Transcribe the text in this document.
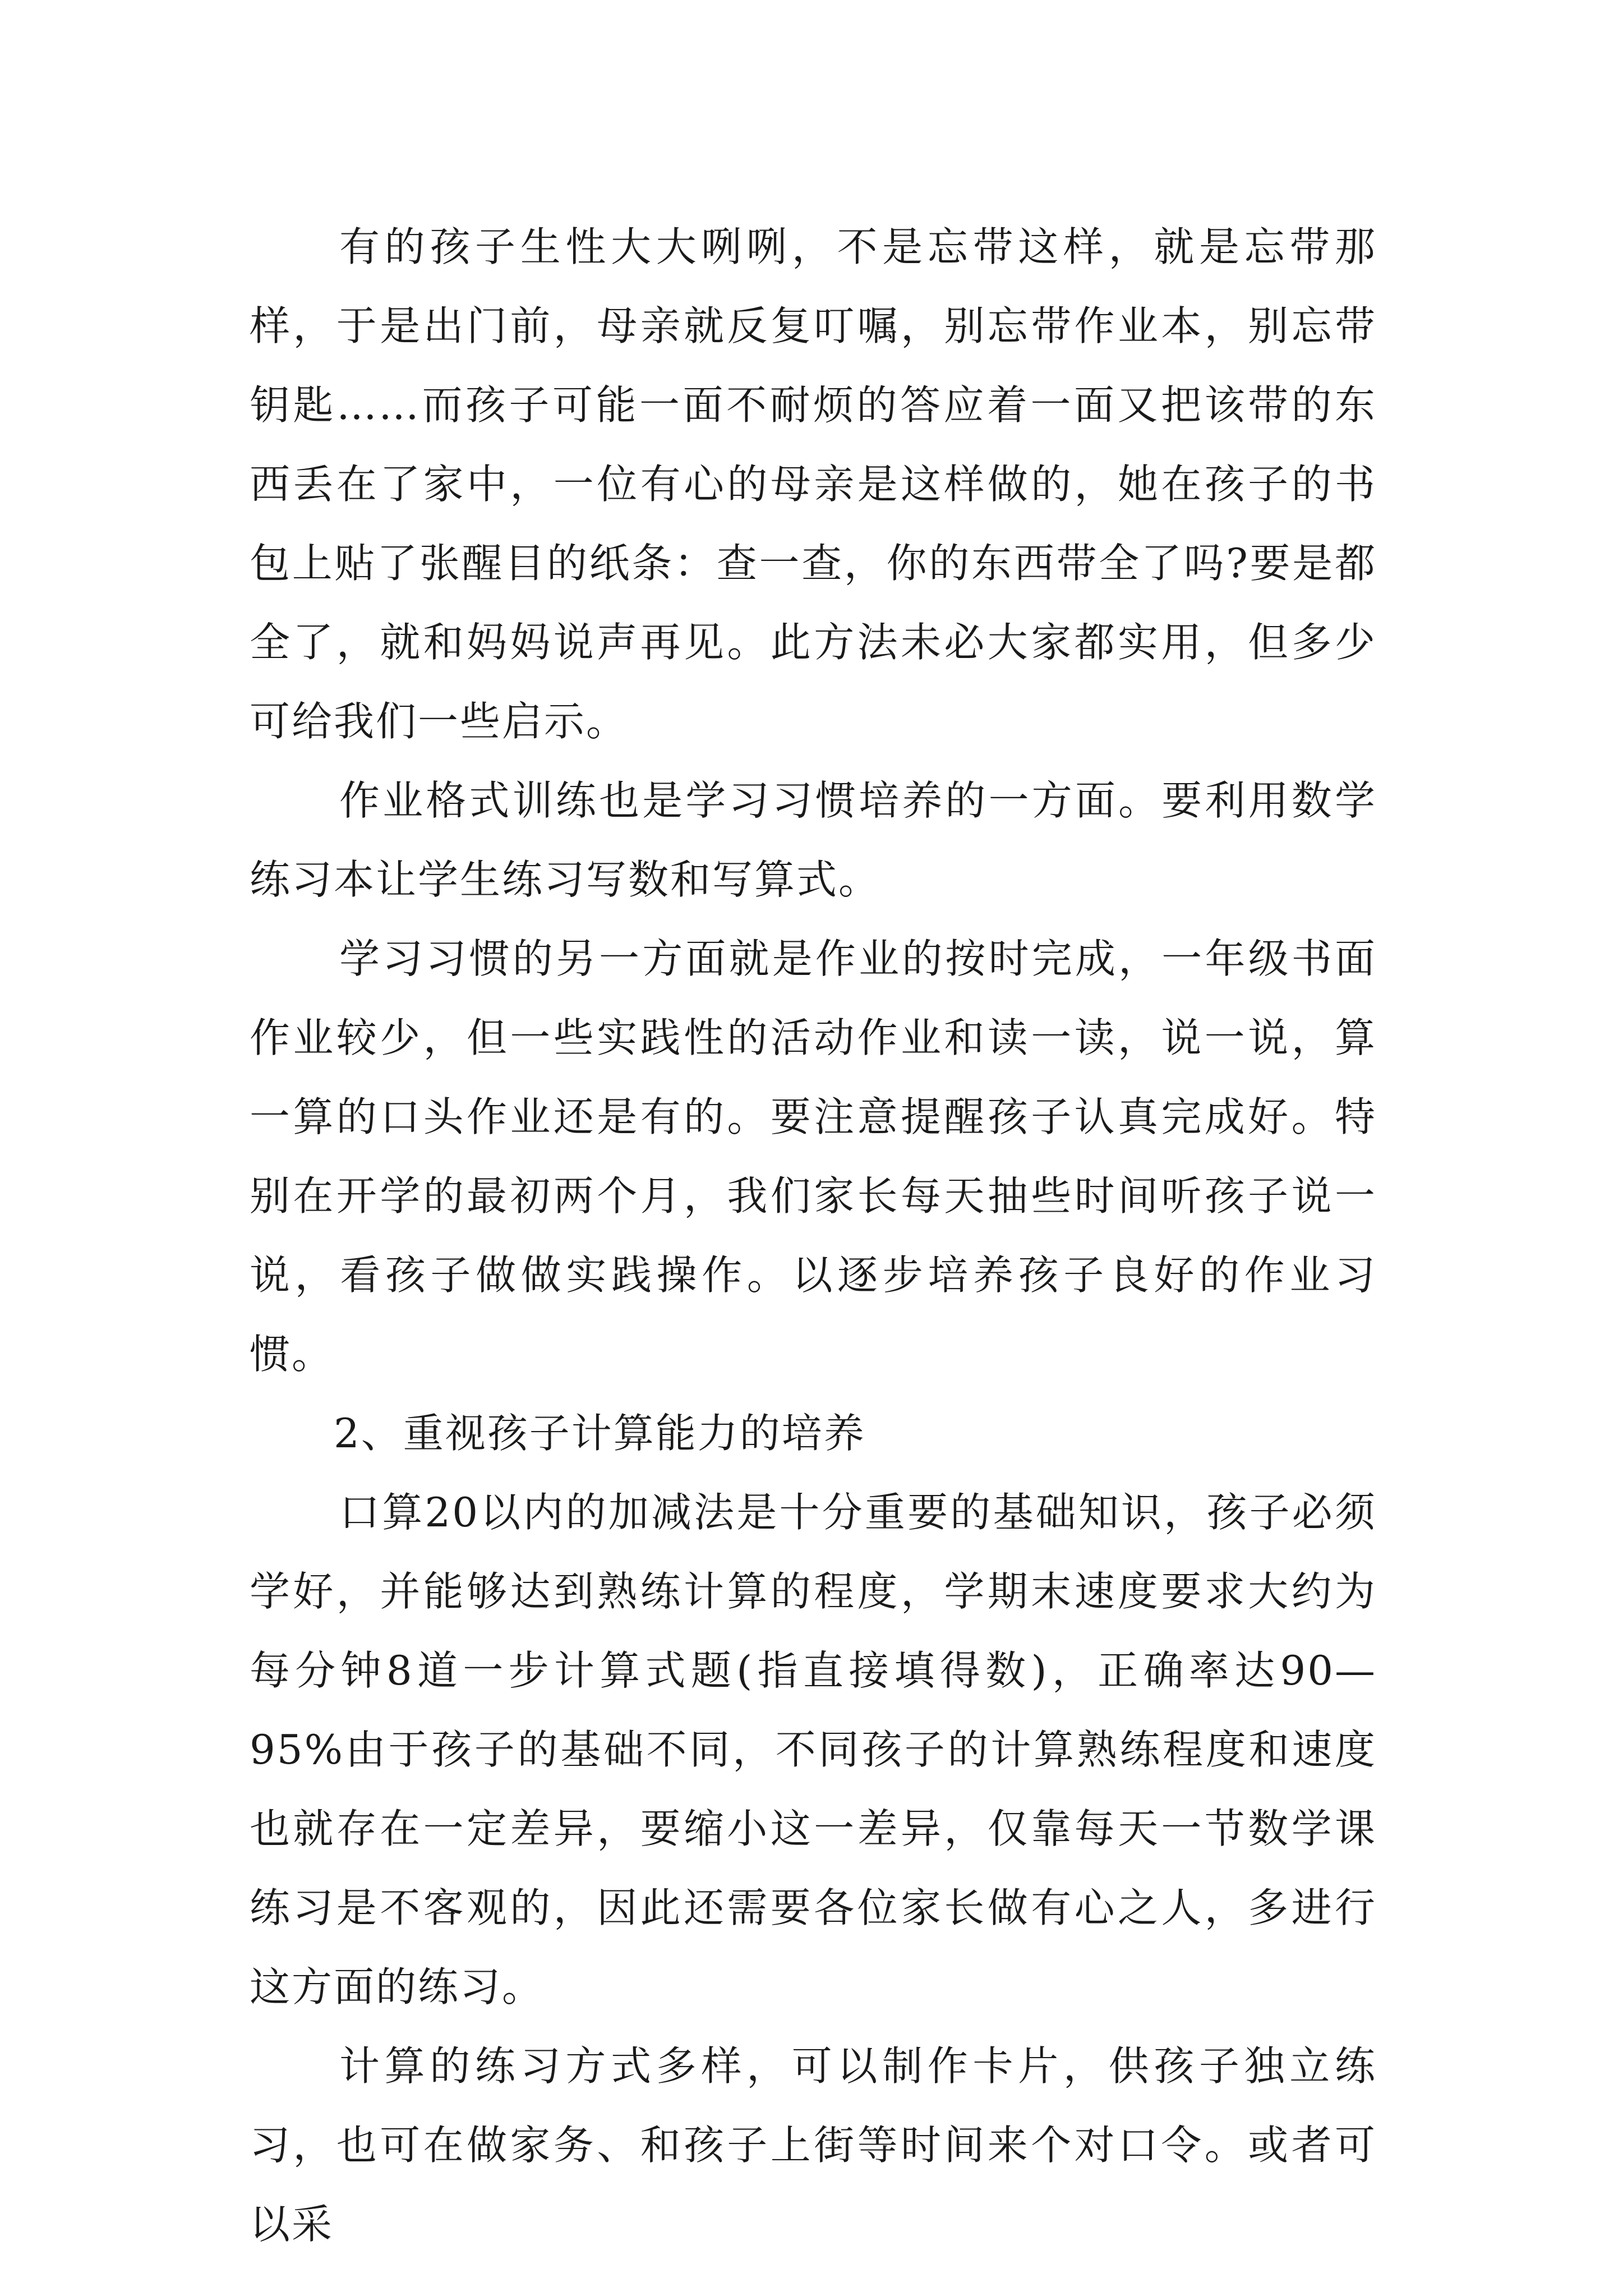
有的孩子生性大大咧咧，不是忘带这样，就是忘带那样，于是出门前，母亲就反复叮嘱，别忘带作业本，别忘带钥匙……而孩子可能一面不耐烦的答应着一面又把该带的东西丢在了家中，一位有心的母亲是这样做的，她在孩子的书包上贴了张醒目的纸条：查一查，你的东西带全了吗?要是都全了，就和妈妈说声再见。此方法未必大家都实用，但多少可给我们一些启示。

作业格式训练也是学习习惯培养的一方面。要利用数学练习本让学生练习写数和写算式。

学习习惯的另一方面就是作业的按时完成，一年级书面作业较少，但一些实践性的活动作业和读一读，说一说，算一算的口头作业还是有的。要注意提醒孩子认真完成好。特别在开学的最初两个月，我们家长每天抽些时间听孩子说一说，看孩子做做实践操作。以逐步培养孩子良好的作业习惯。

2、重视孩子计算能力的培养

口算20以内的加减法是十分重要的基础知识，孩子必须学好，并能够达到熟练计算的程度，学期末速度要求大约为每分钟8道一步计算式题(指直接填得数)，正确率达90—95%由于孩子的基础不同，不同孩子的计算熟练程度和速度也就存在一定差异，要缩小这一差异，仅靠每天一节数学课练习是不客观的，因此还需要各位家长做有心之人，多进行这方面的练习。

计算的练习方式多样，可以制作卡片，供孩子独立练习，也可在做家务、和孩子上街等时间来个对口令。或者可以采
